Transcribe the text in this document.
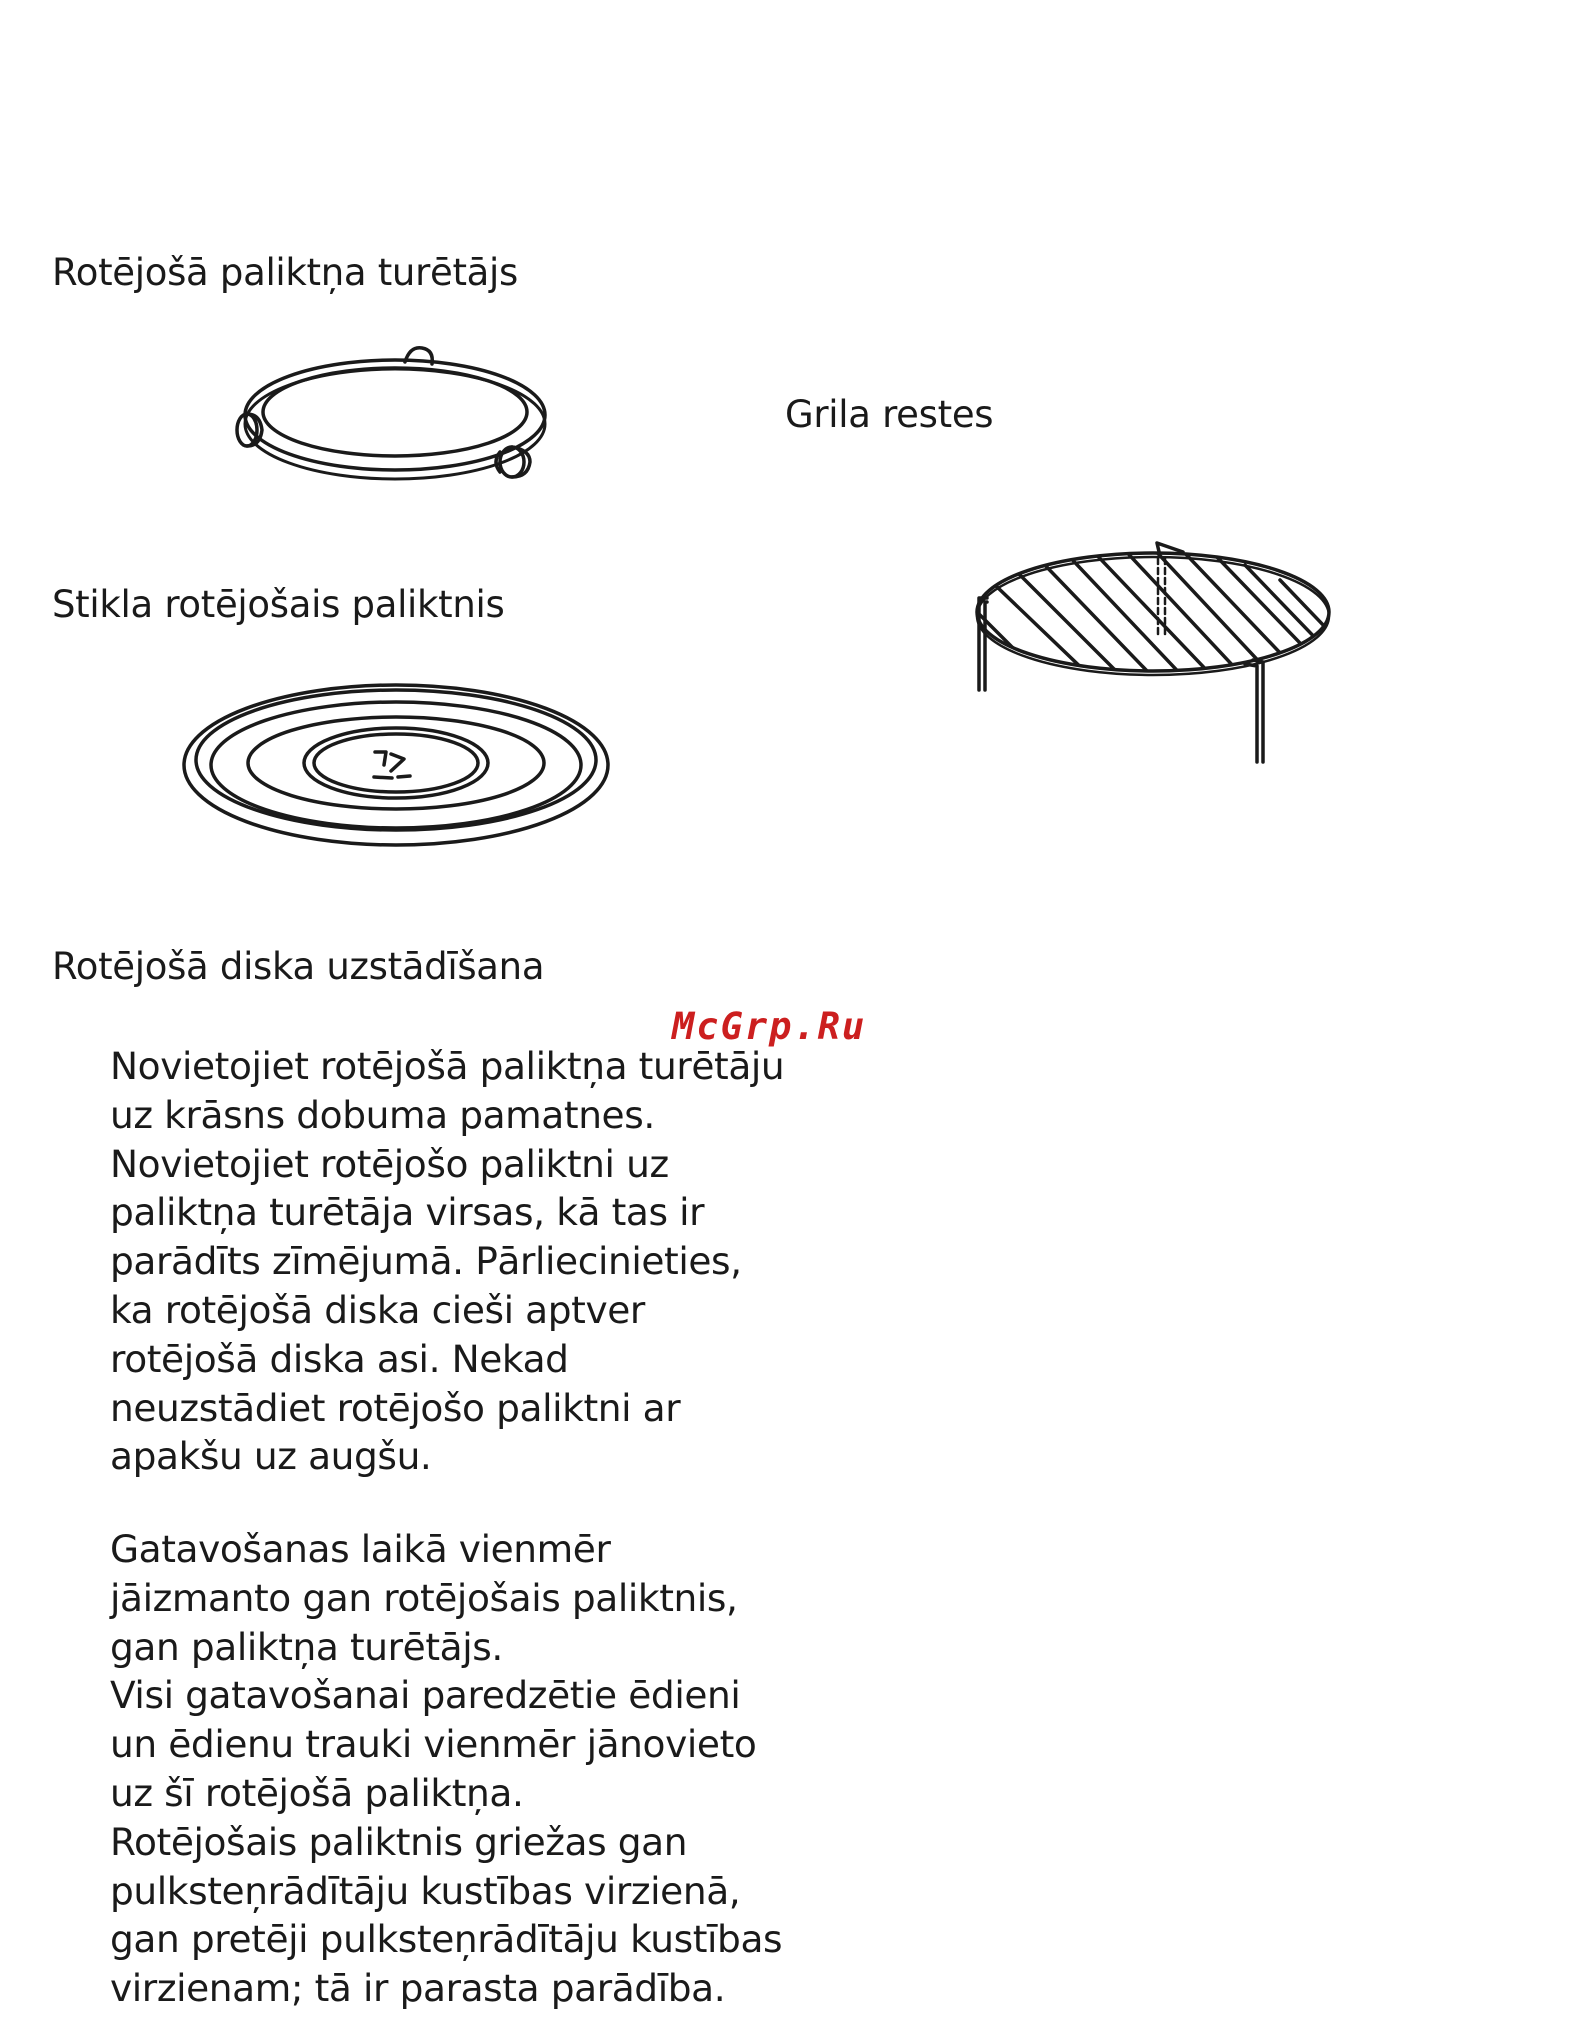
Rotējošā paliktņa turētājs
Stikla rotējošais paliktnis
Rotējošā diska uzstādīšana
Grila restes
Novietojiet rotējošā paliktņa turētāju
uz krāsns dobuma pamatnes.
Novietojiet rotējošo paliktni uz
paliktņa turētāja virsas, kā tas ir
parādīts zīmējumā. Pārliecinieties,
ka rotējošā diska cieši aptver
rotējošā diska asi. Nekad
neuzstādiet rotējošo paliktni ar
apakšu uz augšu.
Gatavošanas laikā vienmēr
jāizmanto gan rotējošais paliktnis,
gan paliktņa turētājs.
Visi gatavošanai paredzētie ēdieni
un ēdienu trauki vienmēr jānovieto
uz šī rotējošā paliktņa.
Rotējošais paliktnis griežas gan
pulksteņrādītāju kustības virzienā,
gan pretēji pulksteņrādītāju kustības
virzienam; tā ir parasta parādība.
McGrp.Ru
